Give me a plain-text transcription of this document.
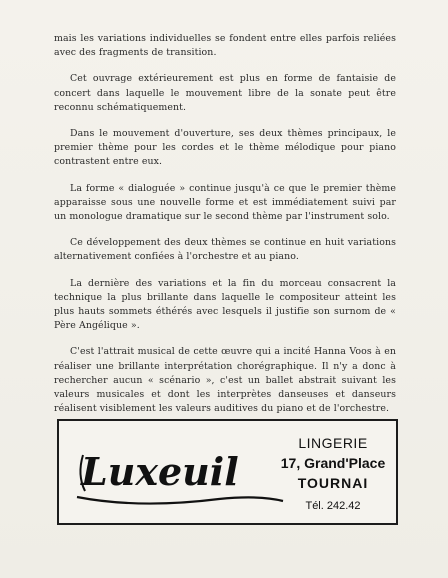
mais les variations individuelles se fondent entre elles parfois reliées avec des fragments de transition.

Cet ouvrage extérieurement est plus en forme de fantaisie de concert dans laquelle le mouvement libre de la sonate peut être reconnu schématiquement.

Dans le mouvement d'ouverture, ses deux thèmes principaux, le premier thème pour les cordes et le thème mélodique pour piano contrastent entre eux.

La forme « dialoguée » continue jusqu'à ce que le premier thème apparaisse sous une nouvelle forme et est immédiatement suivi par un monologue dramatique sur le second thème par l'instrument solo.

Ce développement des deux thèmes se continue en huit variations alternativement confiées à l'orchestre et au piano.

La dernière des variations et la fin du morceau consacrent la technique la plus brillante dans laquelle le compositeur atteint les plus hauts sommets éthérés avec lesquels il justifie son surnom de « Père Angélique ».

C'est l'attrait musical de cette œuvre qui a incité Hanna Voos à en réaliser une brillante interprétation chorégraphique. Il n'y a donc à rechercher aucun « scénario », c'est un ballet abstrait suivant les valeurs musicales et dont les interprètes danseuses et danseurs réalisent visiblement les valeurs auditives du piano et de l'orchestre.

Luxeuil
LINGERIE
17, Grand'Place
TOURNAI
Tél. 242.42
